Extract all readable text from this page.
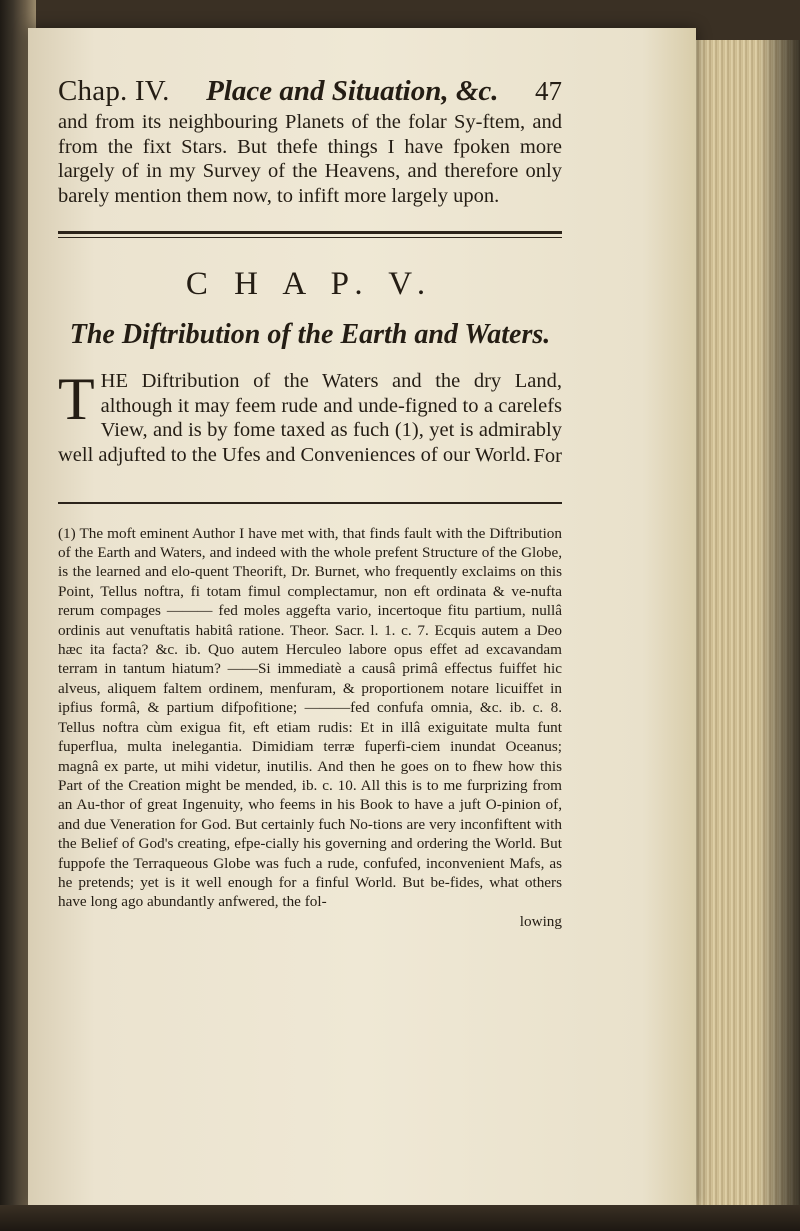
Chap. IV. Place and Situation, &c. 47

and from its neighbouring Planets of the folar Sy-ftem, and from the fixt Stars. But thefe things I have fpoken more largely of in my Survey of the Heavens, and therefore only barely mention them now, to infift more largely upon.

C H A P. V.
The Diftribution of the Earth and Waters.
T HE Diftribution of the Waters and the dry Land, although it may feem rude and unde-figned to a carelefs View, and is by fome taxed as fuch (1), yet is admirably well adjufted to the Ufes and Conveniences of our World. For

(1) The moft eminent Author I have met with, that finds fault with the Diftribution of the Earth and Waters, and indeed with the whole prefent Structure of the Globe, is the learned and elo-quent Theorift, Dr. Burnet, who frequently exclaims on this Point, Tellus noftra, fi totam fimul complectamur, non eft ordinata & ve-nufta rerum compages ——— fed moles aggefta vario, incertoque fitu partium, nullâ ordinis aut venuftatis habitâ ratione. Theor. Sacr. l. 1. c. 7. Ecquis autem a Deo hæc ita facta? &c. ib. Quo autem Herculeo labore opus effet ad excavandam terram in tantum hiatum? ——Si immediatè a causâ primâ effectus fuiffet hic alveus, aliquem faltem ordinem, menfuram, & proportionem notare licuiffet in ipfius formâ, & partium difpofitione; ———fed confufa omnia, &c. ib. c. 8. Tellus noftra cùm exigua fit, eft etiam rudis: Et in illâ exiguitate multa funt fuperflua, multa inelegantia. Dimidiam terræ fuperfi-ciem inundat Oceanus; magnâ ex parte, ut mihi videtur, inutilis. And then he goes on to fhew how this Part of the Creation might be mended, ib. c. 10. All this is to me furprizing from an Au-thor of great Ingenuity, who feems in his Book to have a juft O-pinion of, and due Veneration for God. But certainly fuch No-tions are very inconfiftent with the Belief of God's creating, efpe-cially his governing and ordering the World. But fuppofe the Terraqueous Globe was fuch a rude, confufed, inconvenient Mafs, as he pretends; yet is it well enough for a finful World. But be-fides, what others have long ago abundantly anfwered, the fol-

lowing
